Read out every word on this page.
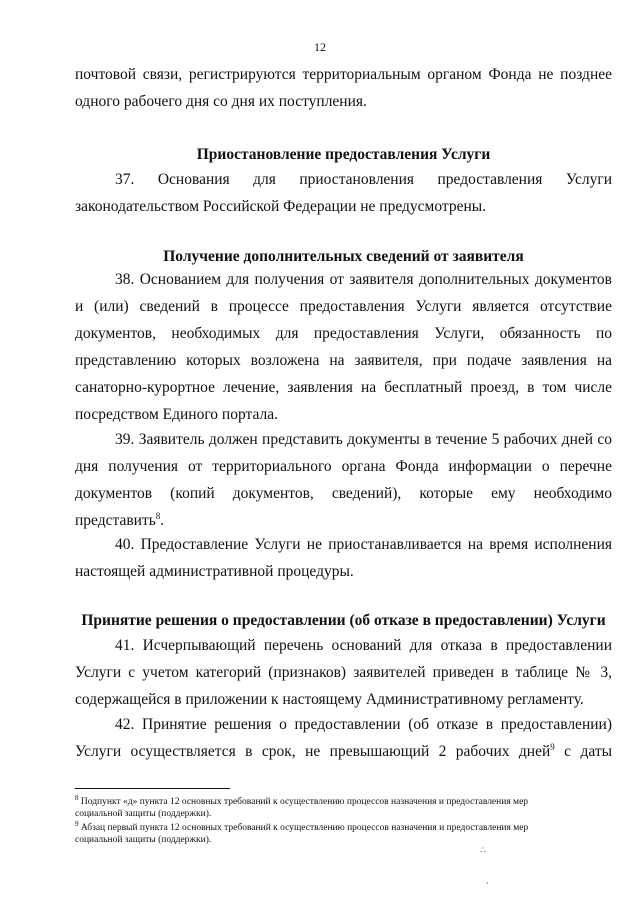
12
почтовой связи, регистрируются территориальным органом Фонда не позднее
одного рабочего дня со дня их поступления.
Приостановление предоставления Услуги
37. Основания для приостановления предоставления Услуги
законодательством Российской Федерации не предусмотрены.
Получение дополнительных сведений от заявителя
38. Основанием для получения от заявителя дополнительных документов
и (или) сведений в процессе предоставления Услуги является отсутствие
документов, необходимых для предоставления Услуги, обязанность по
представлению которых возложена на заявителя, при подаче заявления на
санаторно-курортное лечение, заявления на бесплатный проезд, в том числе
посредством Единого портала.
39. Заявитель должен представить документы в течение 5 рабочих дней со
дня получения от территориального органа Фонда информации о перечне
документов (копий документов, сведений), которые ему необходимо
представить$^8$.
40. Предоставление Услуги не приостанавливается на время исполнения
настоящей административной процедуры.
Принятие решения о предоставлении (об отказе в предоставлении) Услуги
41. Исчерпывающий перечень оснований для отказа в предоставлении
Услуги с учетом категорий (признаков) заявителей приведен в таблице № 3,
содержащейся в приложении к настоящему Административному регламенту.
42. Принятие решения о предоставлении (об отказе в предоставлении)
Услуги осуществляется в срок, не превышающий 2 рабочих дней$^9$ с даты
$^8$ Подпункт «д» пункта 12 основных требований к осуществлению процессов назначения и предоставления мер
социальной защиты (поддержки).
$^9$ Абзац первый пункта 12 основных требований к осуществлению процессов назначения и предоставления мер
социальной защиты (поддержки).
∴
·
